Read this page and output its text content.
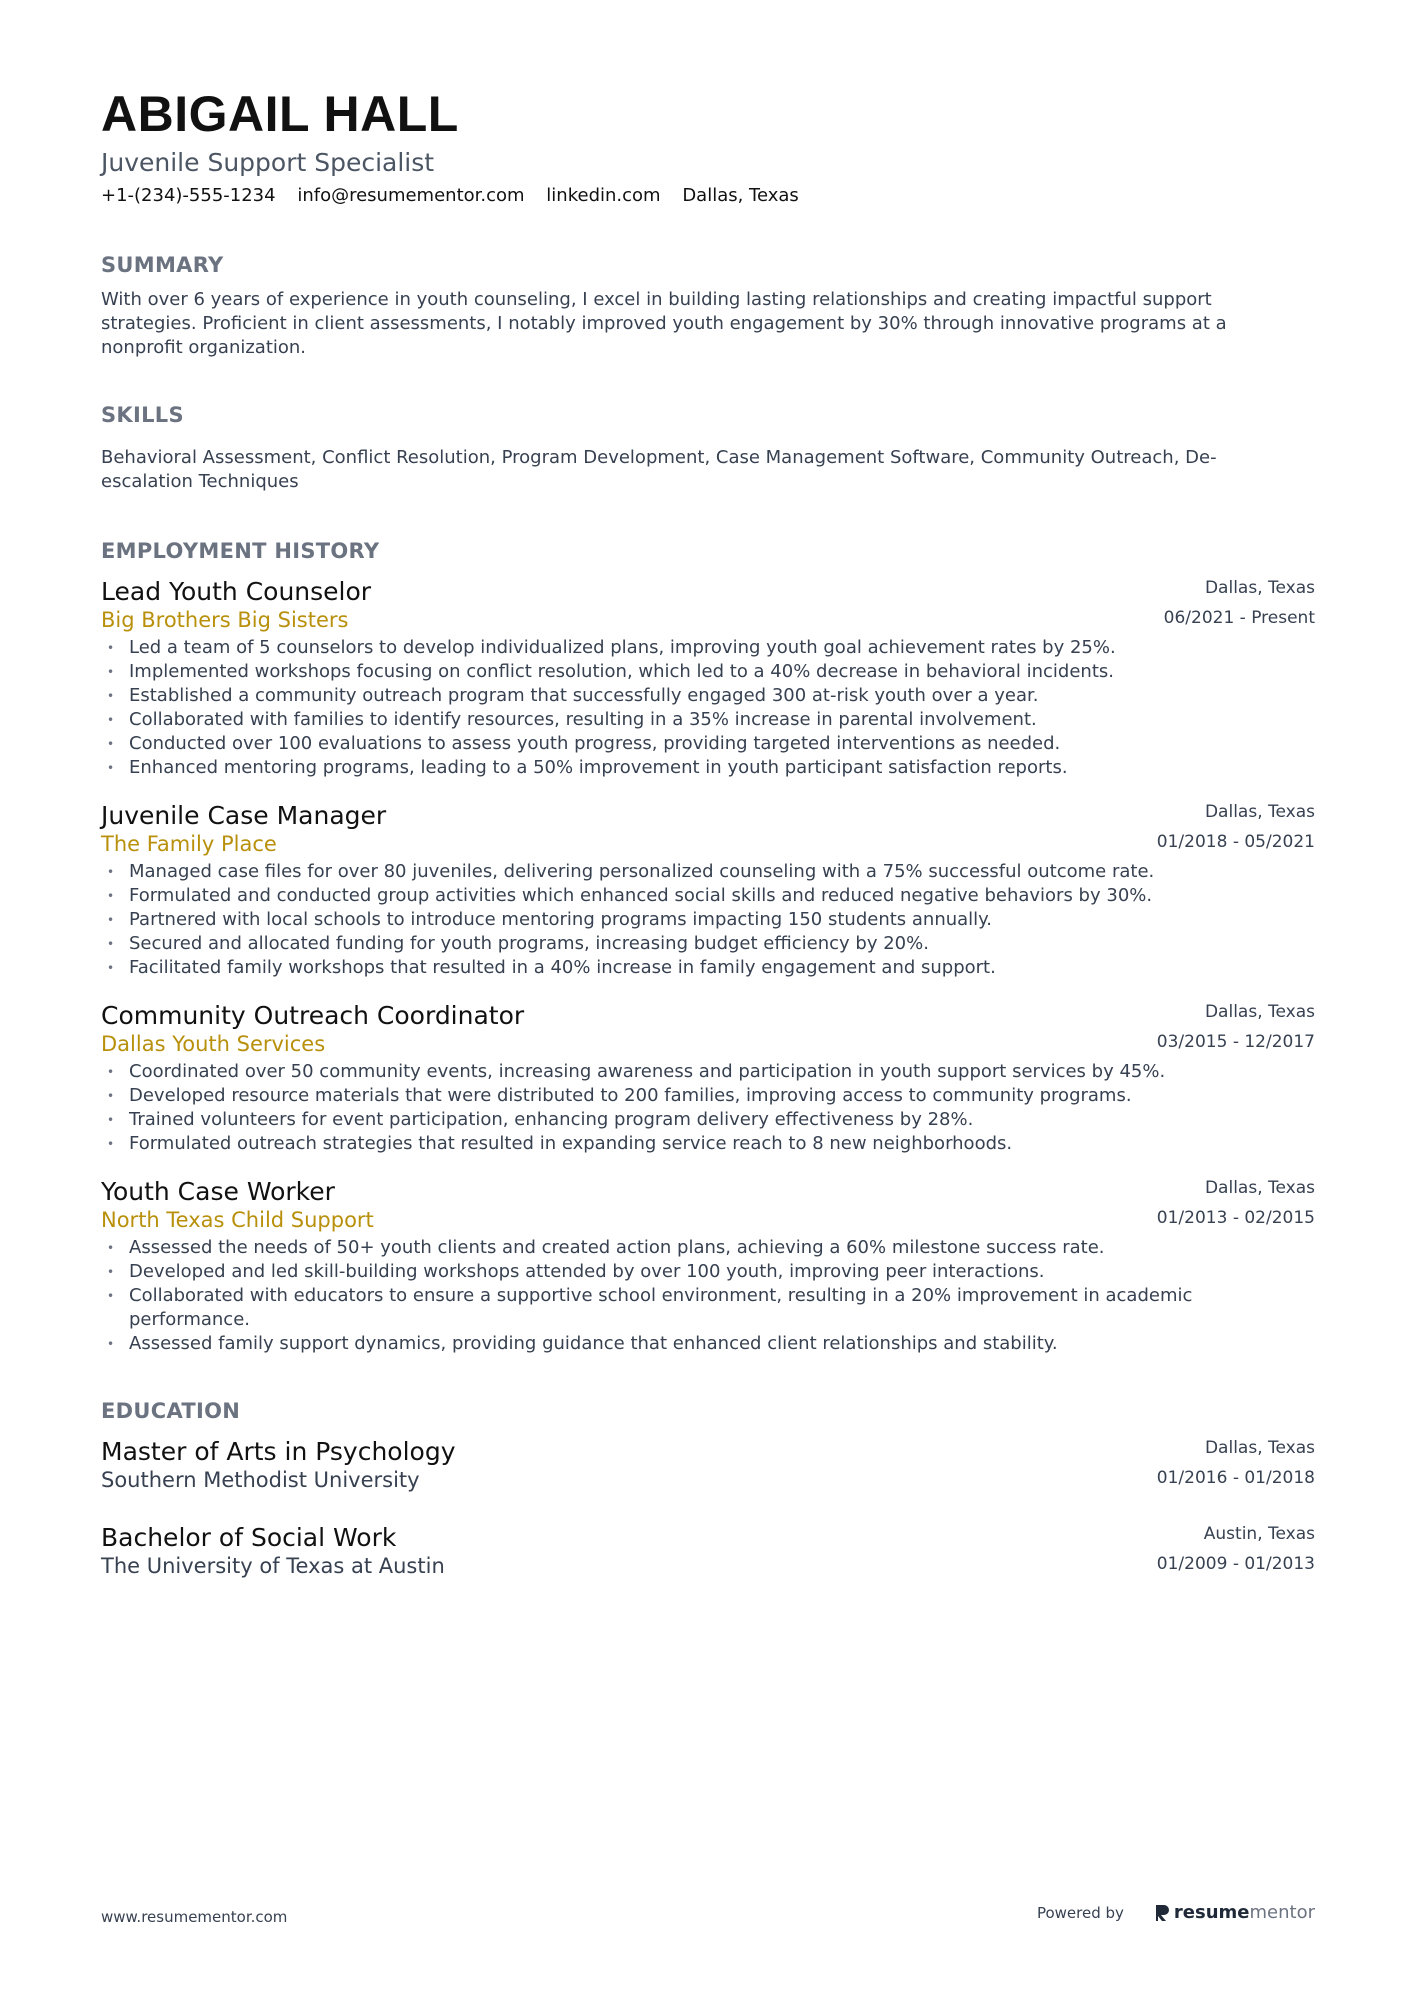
ABIGAIL HALL
Juvenile Support Specialist
+1-(234)-555-1234 info@resumementor.com linkedin.com Dallas, Texas
SUMMARY
With over 6 years of experience in youth counseling, I excel in building lasting relationships and creating impactful support strategies. Proficient in client assessments, I notably improved youth engagement by 30% through innovative programs at a nonprofit organization.
SKILLS
Behavioral Assessment, Conflict Resolution, Program Development, Case Management Software, Community Outreach, De-escalation Techniques
EMPLOYMENT HISTORY
Lead Youth Counselor
Big Brothers Big Sisters
Dallas, Texas
06/2021 - Present
• Led a team of 5 counselors to develop individualized plans, improving youth goal achievement rates by 25%.
• Implemented workshops focusing on conflict resolution, which led to a 40% decrease in behavioral incidents.
• Established a community outreach program that successfully engaged 300 at-risk youth over a year.
• Collaborated with families to identify resources, resulting in a 35% increase in parental involvement.
• Conducted over 100 evaluations to assess youth progress, providing targeted interventions as needed.
• Enhanced mentoring programs, leading to a 50% improvement in youth participant satisfaction reports.
Juvenile Case Manager
The Family Place
Dallas, Texas
01/2018 - 05/2021
• Managed case files for over 80 juveniles, delivering personalized counseling with a 75% successful outcome rate.
• Formulated and conducted group activities which enhanced social skills and reduced negative behaviors by 30%.
• Partnered with local schools to introduce mentoring programs impacting 150 students annually.
• Secured and allocated funding for youth programs, increasing budget efficiency by 20%.
• Facilitated family workshops that resulted in a 40% increase in family engagement and support.
Community Outreach Coordinator
Dallas Youth Services
Dallas, Texas
03/2015 - 12/2017
• Coordinated over 50 community events, increasing awareness and participation in youth support services by 45%.
• Developed resource materials that were distributed to 200 families, improving access to community programs.
• Trained volunteers for event participation, enhancing program delivery effectiveness by 28%.
• Formulated outreach strategies that resulted in expanding service reach to 8 new neighborhoods.
Youth Case Worker
North Texas Child Support
Dallas, Texas
01/2013 - 02/2015
• Assessed the needs of 50+ youth clients and created action plans, achieving a 60% milestone success rate.
• Developed and led skill-building workshops attended by over 100 youth, improving peer interactions.
• Collaborated with educators to ensure a supportive school environment, resulting in a 20% improvement in academic performance.
• Assessed family support dynamics, providing guidance that enhanced client relationships and stability.
EDUCATION
Master of Arts in Psychology
Southern Methodist University
Dallas, Texas
01/2016 - 01/2018
Bachelor of Social Work
The University of Texas at Austin
Austin, Texas
01/2009 - 01/2013
www.resumementor.com	Powered by	resume mentor
